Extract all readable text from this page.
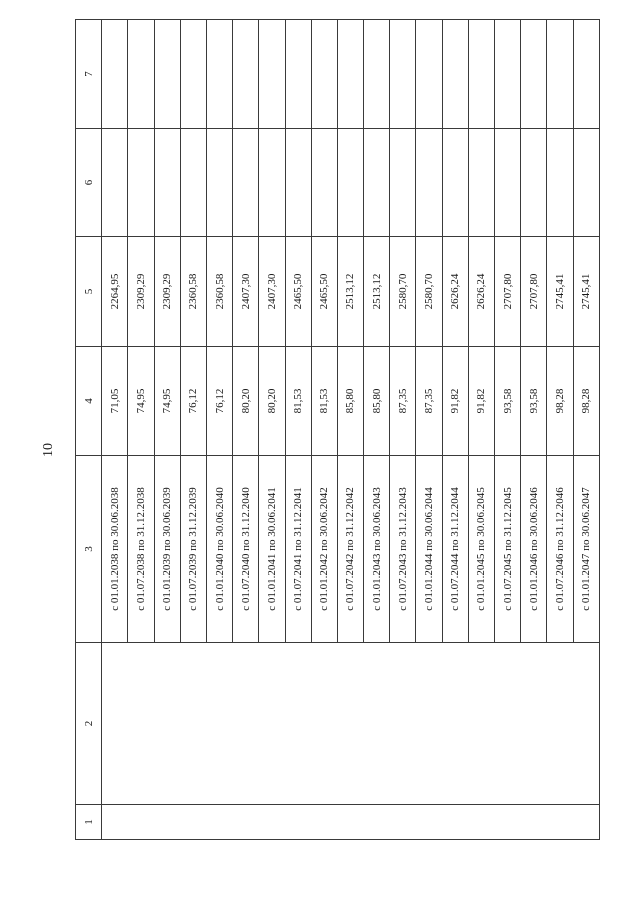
10
1	2	3	4	5	6	7
		с 01.01.2038 по 30.06.2038	71,05	2264,95		
		с 01.07.2038 по 31.12.2038	74,95	2309,29		
		с 01.01.2039 по 30.06.2039	74,95	2309,29		
		с 01.07.2039 по 31.12.2039	76,12	2360,58		
		с 01.01.2040 по 30.06.2040	76,12	2360,58		
		с 01.07.2040 по 31.12.2040	80,20	2407,30		
		с 01.01.2041 по 30.06.2041	80,20	2407,30		
		с 01.07.2041 по 31.12.2041	81,53	2465,50		
		с 01.01.2042 по 30.06.2042	81,53	2465,50		
		с 01.07.2042 по 31.12.2042	85,80	2513,12		
		с 01.01.2043 по 30.06.2043	85,80	2513,12		
		с 01.07.2043 по 31.12.2043	87,35	2580,70		
		с 01.01.2044 по 30.06.2044	87,35	2580,70		
		с 01.07.2044 по 31.12.2044	91,82	2626,24		
		с 01.01.2045 по 30.06.2045	91,82	2626,24		
		с 01.07.2045 по 31.12.2045	93,58	2707,80		
		с 01.01.2046 по 30.06.2046	93,58	2707,80		
		с 01.07.2046 по 31.12.2046	98,28	2745,41		
		с 01.01.2047 по 30.06.2047	98,28	2745,41		
